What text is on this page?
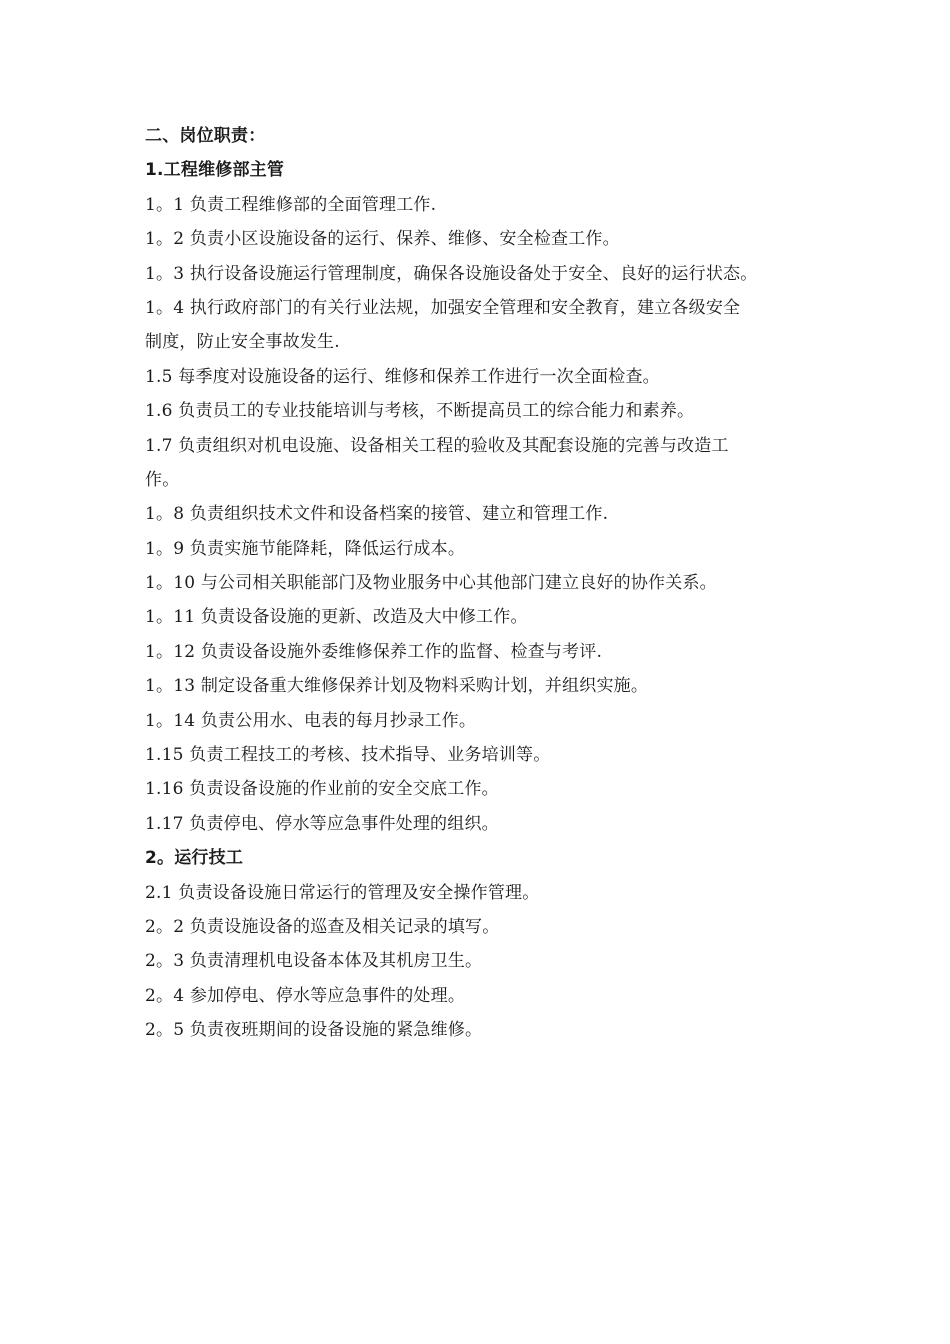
二、岗位职责：
1.工程维修部主管
1。1 负责工程维修部的全面管理工作.
1。2 负责小区设施设备的运行、保养、维修、安全检查工作。
1。3 执行设备设施运行管理制度，确保各设施设备处于安全、良好的运行状态。
1。4 执行政府部门的有关行业法规，加强安全管理和安全教育，建立各级安全
制度，防止安全事故发生.
1.5 每季度对设施设备的运行、维修和保养工作进行一次全面检查。
1.6 负责员工的专业技能培训与考核，不断提高员工的综合能力和素养。
1.7 负责组织对机电设施、设备相关工程的验收及其配套设施的完善与改造工
作。
1。8 负责组织技术文件和设备档案的接管、建立和管理工作.
1。9 负责实施节能降耗，降低运行成本。
1。10 与公司相关职能部门及物业服务中心其他部门建立良好的协作关系。
1。11 负责设备设施的更新、改造及大中修工作。
1。12 负责设备设施外委维修保养工作的监督、检查与考评.
1。13 制定设备重大维修保养计划及物料采购计划，并组织实施。
1。14 负责公用水、电表的每月抄录工作。
1.15 负责工程技工的考核、技术指导、业务培训等。
1.16 负责设备设施的作业前的安全交底工作。
1.17 负责停电、停水等应急事件处理的组织。
2。运行技工
2.1 负责设备设施日常运行的管理及安全操作管理。
2。2 负责设施设备的巡查及相关记录的填写。
2。3 负责清理机电设备本体及其机房卫生。
2。4 参加停电、停水等应急事件的处理。
2。5 负责夜班期间的设备设施的紧急维修。
